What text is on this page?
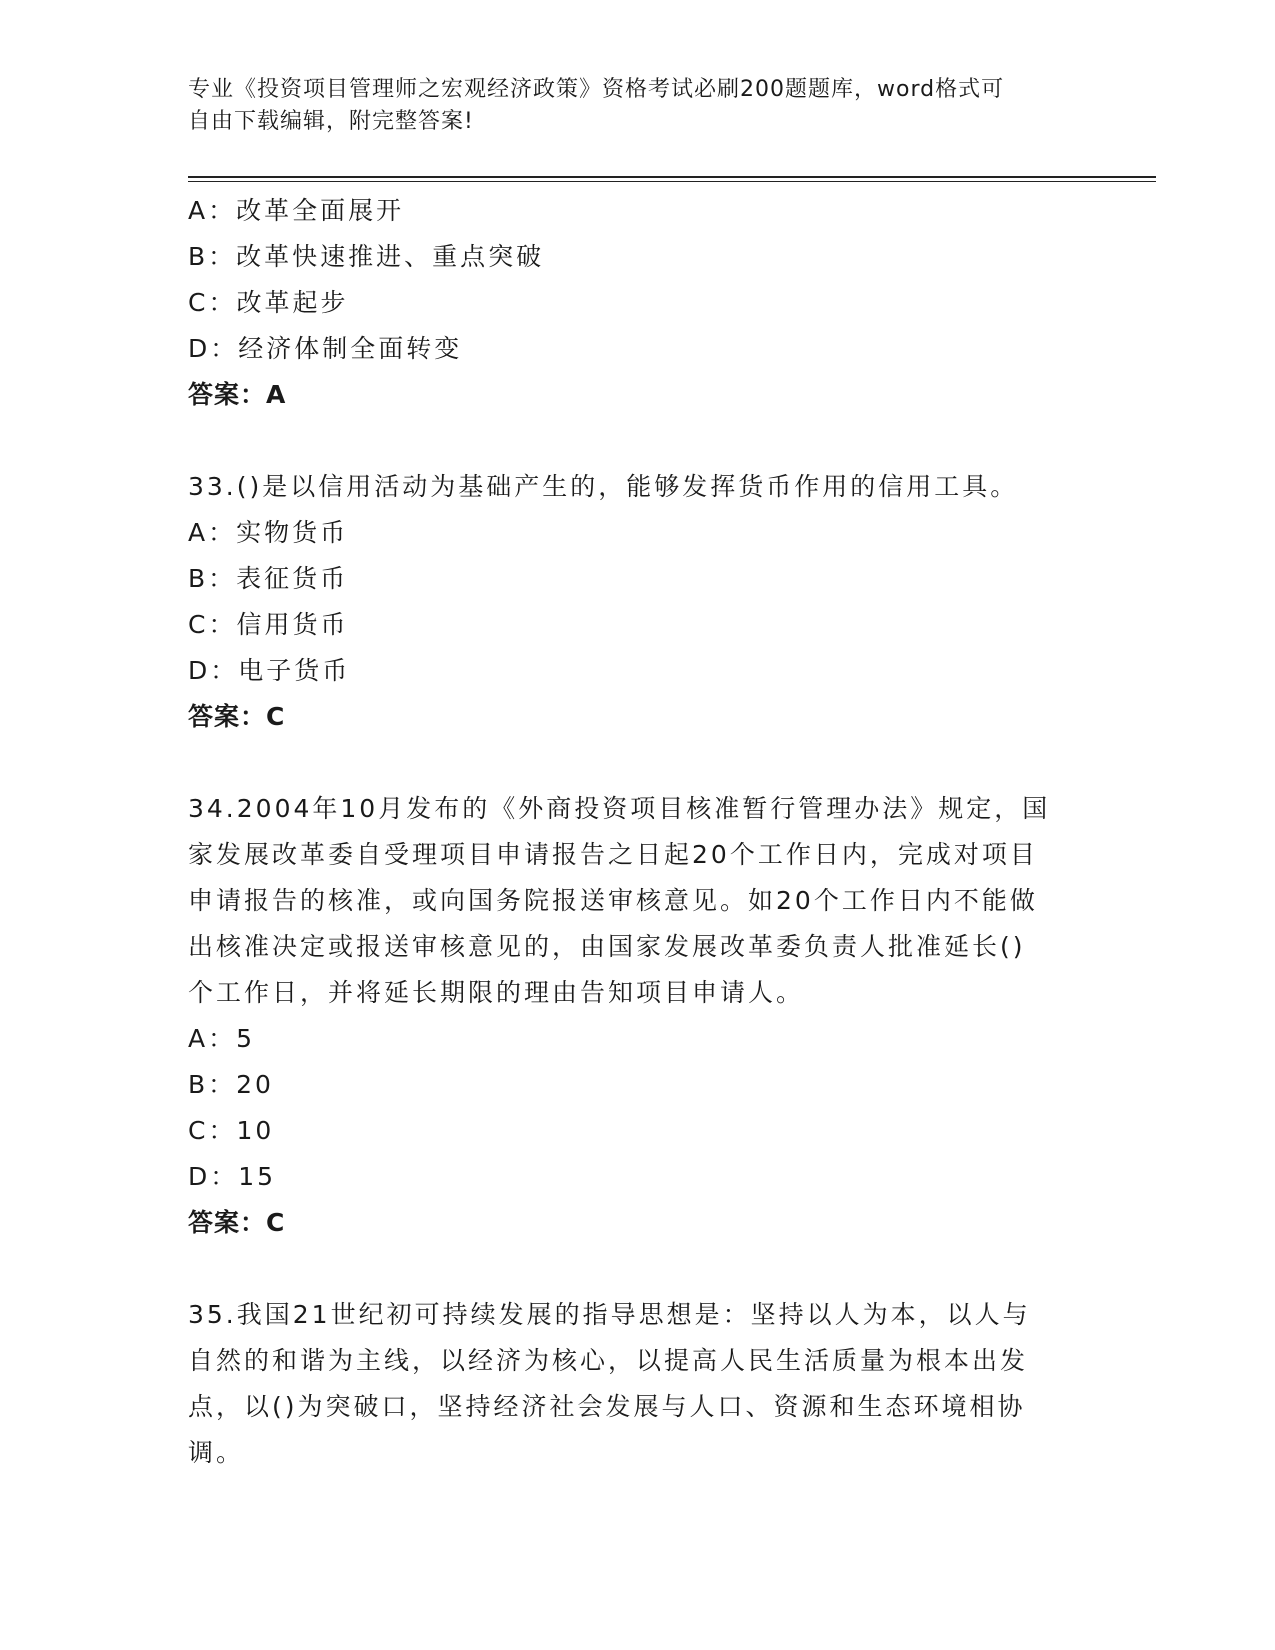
专业《投资项目管理师之宏观经济政策》资格考试必刷200题题库，word格式可
自由下载编辑，附完整答案!
A：改革全面展开
B：改革快速推进、重点突破
C：改革起步
D：经济体制全面转变
答案：A
33.()是以信用活动为基础产生的，能够发挥货币作用的信用工具。
A：实物货币
B：表征货币
C：信用货币
D：电子货币
答案：C
34.2004年10月发布的《外商投资项目核准暂行管理办法》规定，国
家发展改革委自受理项目申请报告之日起20个工作日内，完成对项目
申请报告的核准，或向国务院报送审核意见。如20个工作日内不能做
出核准决定或报送审核意见的，由国家发展改革委负责人批准延长()
个工作日，并将延长期限的理由告知项目申请人。
A：5
B：20
C：10
D：15
答案：C
35.我国21世纪初可持续发展的指导思想是：坚持以人为本，以人与
自然的和谐为主线，以经济为核心，以提高人民生活质量为根本出发
点，以()为突破口，坚持经济社会发展与人口、资源和生态环境相协
调。
